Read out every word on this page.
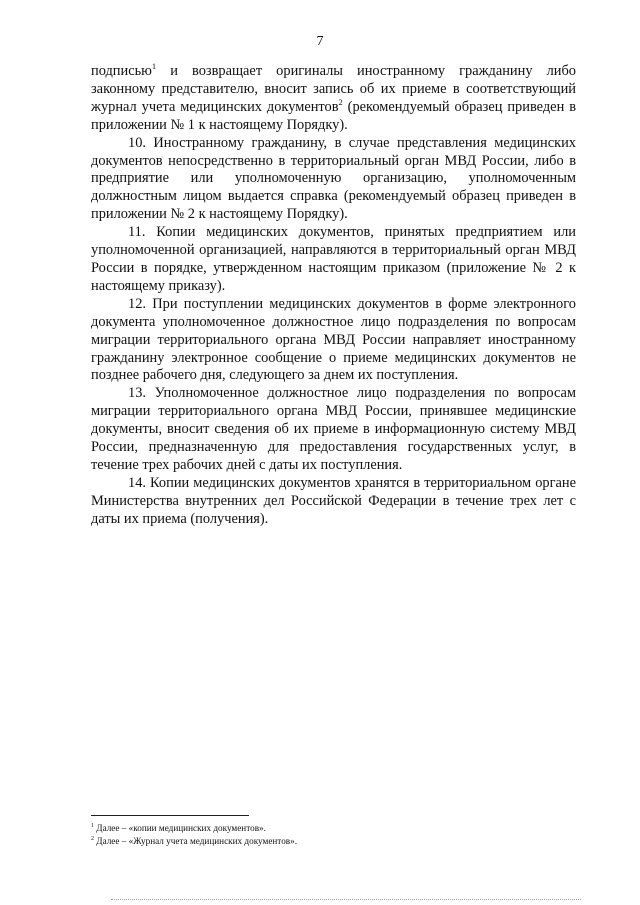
7

подписью$^1$ и возвращает оригиналы иностранному гражданину либо законному представителю, вносит запись об их приеме в соответствующий журнал учета медицинских документов$^2$ (рекомендуемый образец приведен в приложении № 1 к настоящему Порядку).

10. Иностранному гражданину, в случае представления медицинских документов непосредственно в территориальный орган МВД России, либо в предприятие или уполномоченную организацию, уполномоченным должностным лицом выдается справка (рекомендуемый образец приведен в приложении № 2 к настоящему Порядку).

11. Копии медицинских документов, принятых предприятием или уполномоченной организацией, направляются в территориальный орган МВД России в порядке, утвержденном настоящим приказом (приложение № 2 к настоящему приказу).

12. При поступлении медицинских документов в форме электронного документа уполномоченное должностное лицо подразделения по вопросам миграции территориального органа МВД России направляет иностранному гражданину электронное сообщение о приеме медицинских документов не позднее рабочего дня, следующего за днем их поступления.

13. Уполномоченное должностное лицо подразделения по вопросам миграции территориального органа МВД России, принявшее медицинские документы, вносит сведения об их приеме в информационную систему МВД России, предназначенную для предоставления государственных услуг, в течение трех рабочих дней с даты их поступления.

14. Копии медицинских документов хранятся в территориальном органе Министерства внутренних дел Российской Федерации в течение трех лет с даты их приема (получения).

$^1$ Далее – «копии медицинских документов».
$^2$ Далее – «Журнал учета медицинских документов».
